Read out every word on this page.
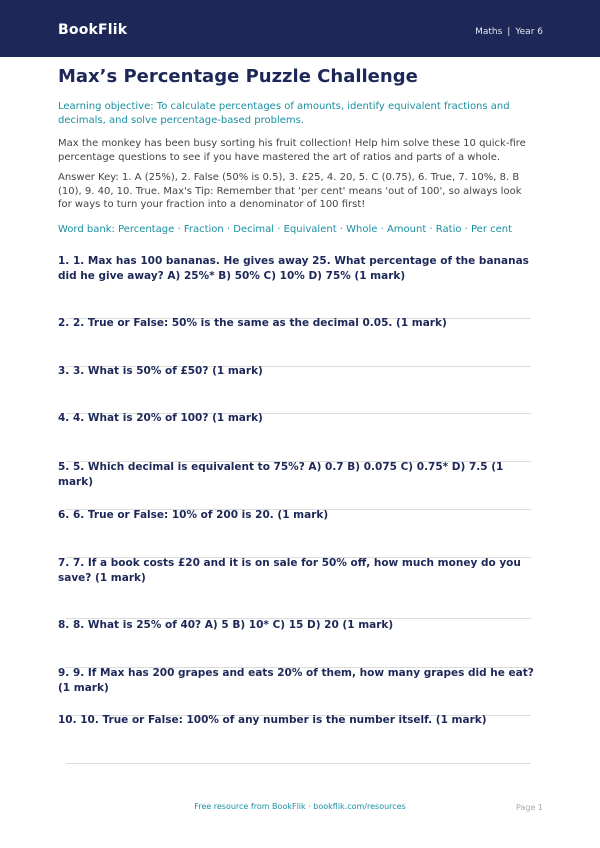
BookFlik	Maths | Year 6
Max’s Percentage Puzzle Challenge
Learning objective: To calculate percentages of amounts, identify equivalent fractions and decimals, and solve percentage-based problems.
Max the monkey has been busy sorting his fruit collection! Help him solve these 10 quick-fire percentage questions to see if you have mastered the art of ratios and parts of a whole.
Answer Key: 1. A (25%), 2. False (50% is 0.5), 3. £25, 4. 20, 5. C (0.75), 6. True, 7. 10%, 8. B (10), 9. 40, 10. True. Max's Tip: Remember that 'per cent' means 'out of 100', so always look for ways to turn your fraction into a denominator of 100 first!
Word bank: Percentage · Fraction · Decimal · Equivalent · Whole · Amount · Ratio · Per cent
1. 1. Max has 100 bananas. He gives away 25. What percentage of the bananas did he give away? A) 25%* B) 50% C) 10% D) 75% (1 mark)
2. 2. True or False: 50% is the same as the decimal 0.05. (1 mark)
3. 3. What is 50% of £50? (1 mark)
4. 4. What is 20% of 100? (1 mark)
5. 5. Which decimal is equivalent to 75%? A) 0.7 B) 0.075 C) 0.75* D) 7.5 (1 mark)
6. 6. True or False: 10% of 200 is 20. (1 mark)
7. 7. If a book costs £20 and it is on sale for 50% off, how much money do you save? (1 mark)
8. 8. What is 25% of 40? A) 5 B) 10* C) 15 D) 20 (1 mark)
9. 9. If Max has 200 grapes and eats 20% of them, how many grapes did he eat? (1 mark)
10. 10. True or False: 100% of any number is the number itself. (1 mark)
Free resource from BookFlik · bookflik.com/resources	Page 1
